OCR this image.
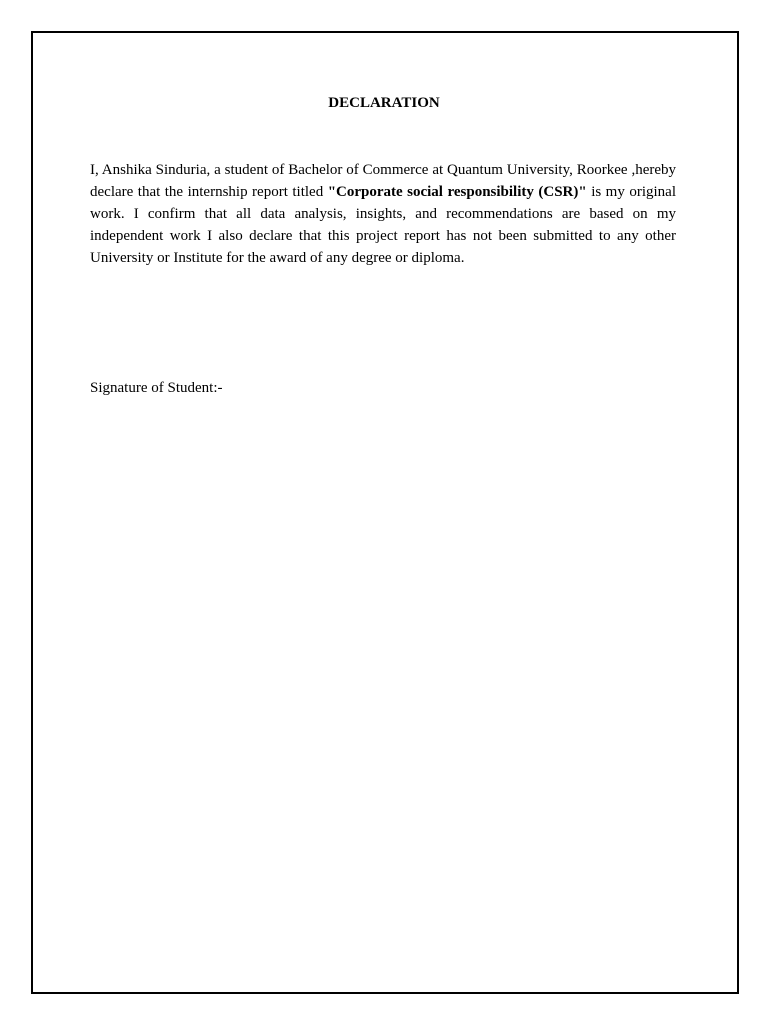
DECLARATION

I, Anshika Sinduria, a student of Bachelor of Commerce at Quantum University, Roorkee ,hereby declare that the internship report titled "Corporate social responsibility (CSR)" is my original work. I confirm that all data analysis, insights, and recommendations are based on my independent work I also declare that this project report has not been submitted to any other University or Institute for the award of any degree or diploma.

Signature of Student:-
